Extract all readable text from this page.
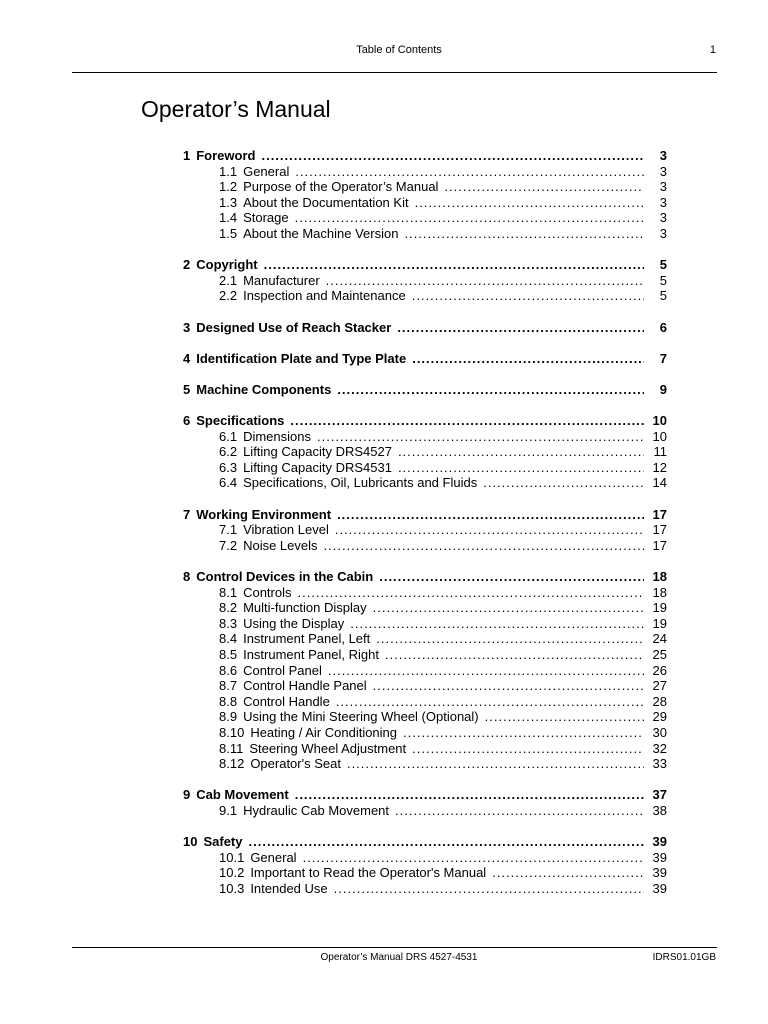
Table of Contents	1
Operator’s Manual
1 Foreword .....	3
1.1 General .....	3
1.2 Purpose of the Operator’s Manual .....	3
1.3 About the Documentation Kit .....	3
1.4 Storage .....	3
1.5 About the Machine Version .....	3
2 Copyright .....	5
2.1 Manufacturer .....	5
2.2 Inspection and Maintenance .....	5
3 Designed Use of Reach Stacker .....	6
4 Identification Plate and Type Plate .....	7
5 Machine Components .....	9
6 Specifications .....	10
6.1 Dimensions .....	10
6.2 Lifting Capacity DRS4527 .....	11
6.3 Lifting Capacity DRS4531 .....	12
6.4 Specifications, Oil, Lubricants and Fluids .....	14
7 Working Environment .....	17
7.1 Vibration Level .....	17
7.2 Noise Levels .....	17
8 Control Devices in the Cabin .....	18
8.1 Controls .....	18
8.2 Multi-function Display .....	19
8.3 Using the Display .....	19
8.4 Instrument Panel, Left .....	24
8.5 Instrument Panel, Right .....	25
8.6 Control Panel .....	26
8.7 Control Handle Panel .....	27
8.8 Control Handle .....	28
8.9 Using the Mini Steering Wheel (Optional) .....	29
8.10 Heating / Air Conditioning .....	30
8.11 Steering Wheel Adjustment .....	32
8.12 Operator's Seat .....	33
9 Cab Movement .....	37
9.1 Hydraulic Cab Movement .....	38
10 Safety .....	39
10.1 General .....	39
10.2 Important to Read the Operator's Manual .....	39
10.3 Intended Use .....	39
Operator’s Manual DRS 4527-4531	IDRS01.01GB
